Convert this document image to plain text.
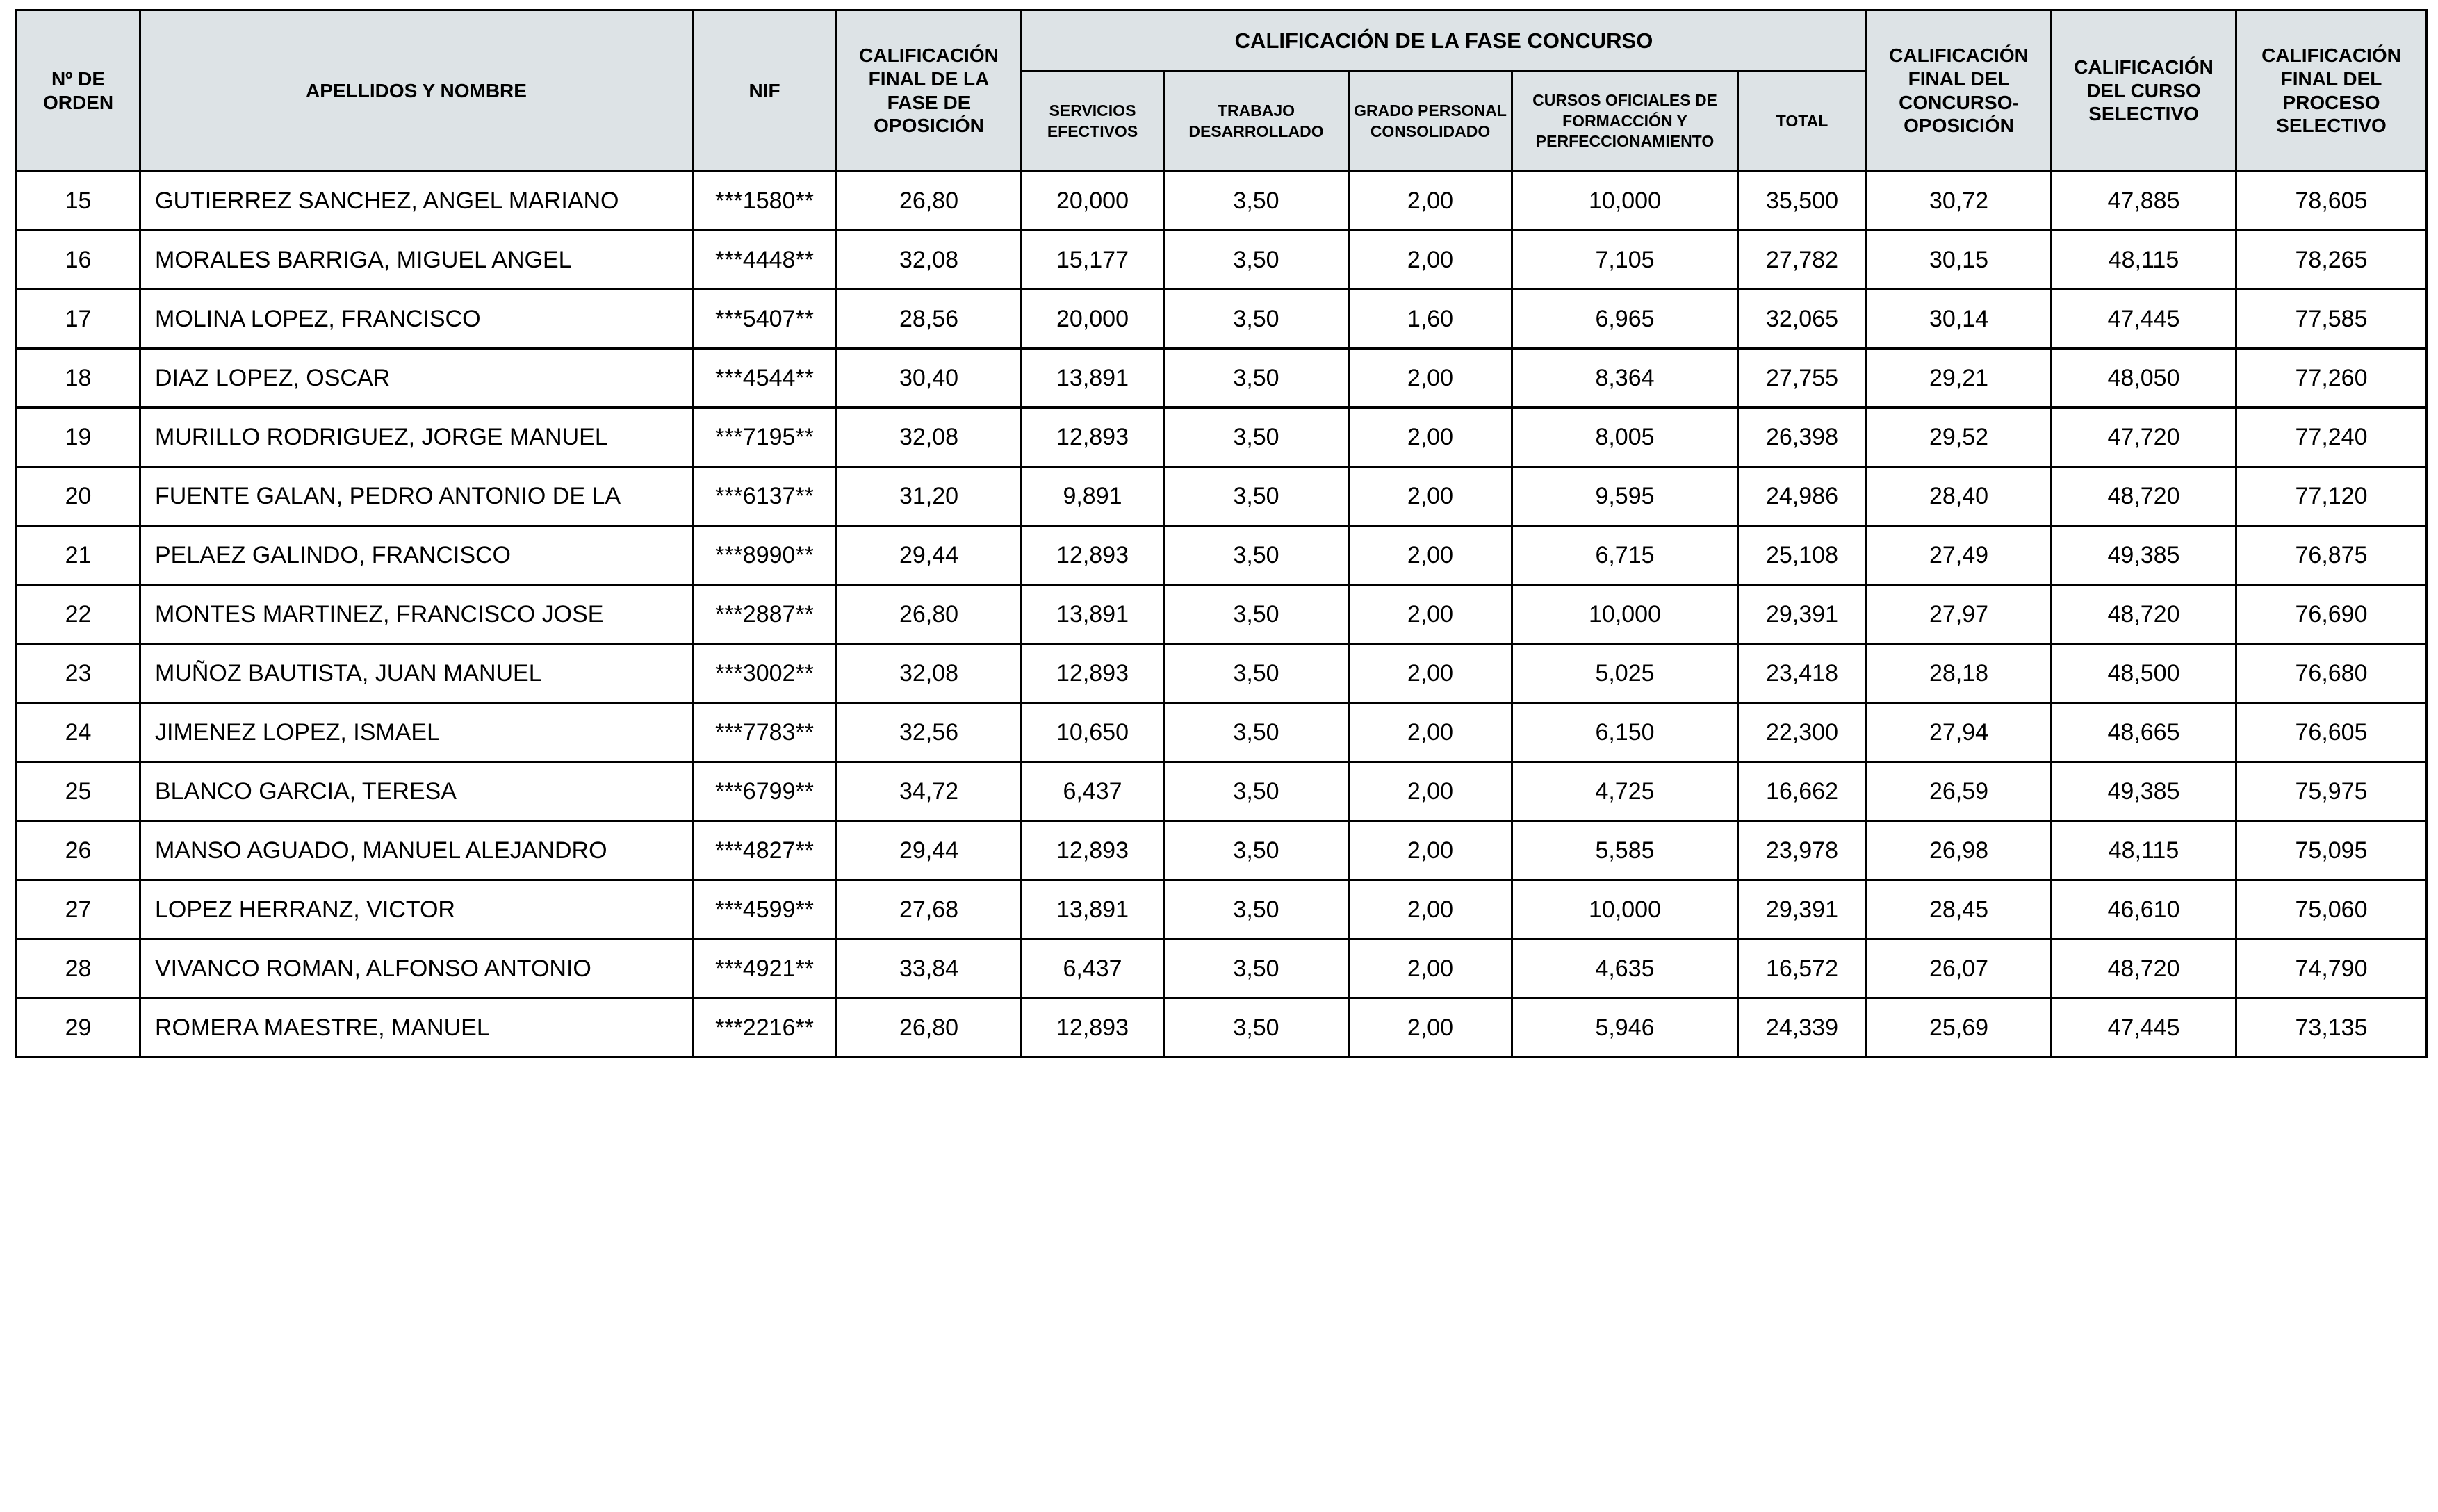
Nº DE ORDEN	APELLIDOS Y NOMBRE	NIF	CALIFICACIÓN FINAL DE LA FASE DE OPOSICIÓN	CALIFICACIÓN DE LA FASE CONCURSO					CALIFICACIÓN FINAL DEL CONCURSO-OPOSICIÓN	CALIFICACIÓN DEL CURSO SELECTIVO	CALIFICACIÓN FINAL DEL PROCESO SELECTIVO
				SERVICIOS EFECTIVOS	TRABAJO DESARROLLADO	GRADO PERSONAL CONSOLIDADO	CURSOS OFICIALES DE FORMACCIÓN Y PERFECCIONAMIENTO	TOTAL			
15	GUTIERREZ SANCHEZ, ANGEL MARIANO	***1580**	26,80	20,000	3,50	2,00	10,000	35,500	30,72	47,885	78,605
16	MORALES BARRIGA, MIGUEL ANGEL	***4448**	32,08	15,177	3,50	2,00	7,105	27,782	30,15	48,115	78,265
17	MOLINA LOPEZ, FRANCISCO	***5407**	28,56	20,000	3,50	1,60	6,965	32,065	30,14	47,445	77,585
18	DIAZ LOPEZ, OSCAR	***4544**	30,40	13,891	3,50	2,00	8,364	27,755	29,21	48,050	77,260
19	MURILLO RODRIGUEZ, JORGE MANUEL	***7195**	32,08	12,893	3,50	2,00	8,005	26,398	29,52	47,720	77,240
20	FUENTE GALAN, PEDRO ANTONIO DE LA	***6137**	31,20	9,891	3,50	2,00	9,595	24,986	28,40	48,720	77,120
21	PELAEZ GALINDO, FRANCISCO	***8990**	29,44	12,893	3,50	2,00	6,715	25,108	27,49	49,385	76,875
22	MONTES MARTINEZ, FRANCISCO JOSE	***2887**	26,80	13,891	3,50	2,00	10,000	29,391	27,97	48,720	76,690
23	MUÑOZ BAUTISTA, JUAN MANUEL	***3002**	32,08	12,893	3,50	2,00	5,025	23,418	28,18	48,500	76,680
24	JIMENEZ LOPEZ, ISMAEL	***7783**	32,56	10,650	3,50	2,00	6,150	22,300	27,94	48,665	76,605
25	BLANCO GARCIA, TERESA	***6799**	34,72	6,437	3,50	2,00	4,725	16,662	26,59	49,385	75,975
26	MANSO AGUADO, MANUEL ALEJANDRO	***4827**	29,44	12,893	3,50	2,00	5,585	23,978	26,98	48,115	75,095
27	LOPEZ HERRANZ, VICTOR	***4599**	27,68	13,891	3,50	2,00	10,000	29,391	28,45	46,610	75,060
28	VIVANCO ROMAN, ALFONSO ANTONIO	***4921**	33,84	6,437	3,50	2,00	4,635	16,572	26,07	48,720	74,790
29	ROMERA MAESTRE, MANUEL	***2216**	26,80	12,893	3,50	2,00	5,946	24,339	25,69	47,445	73,135
